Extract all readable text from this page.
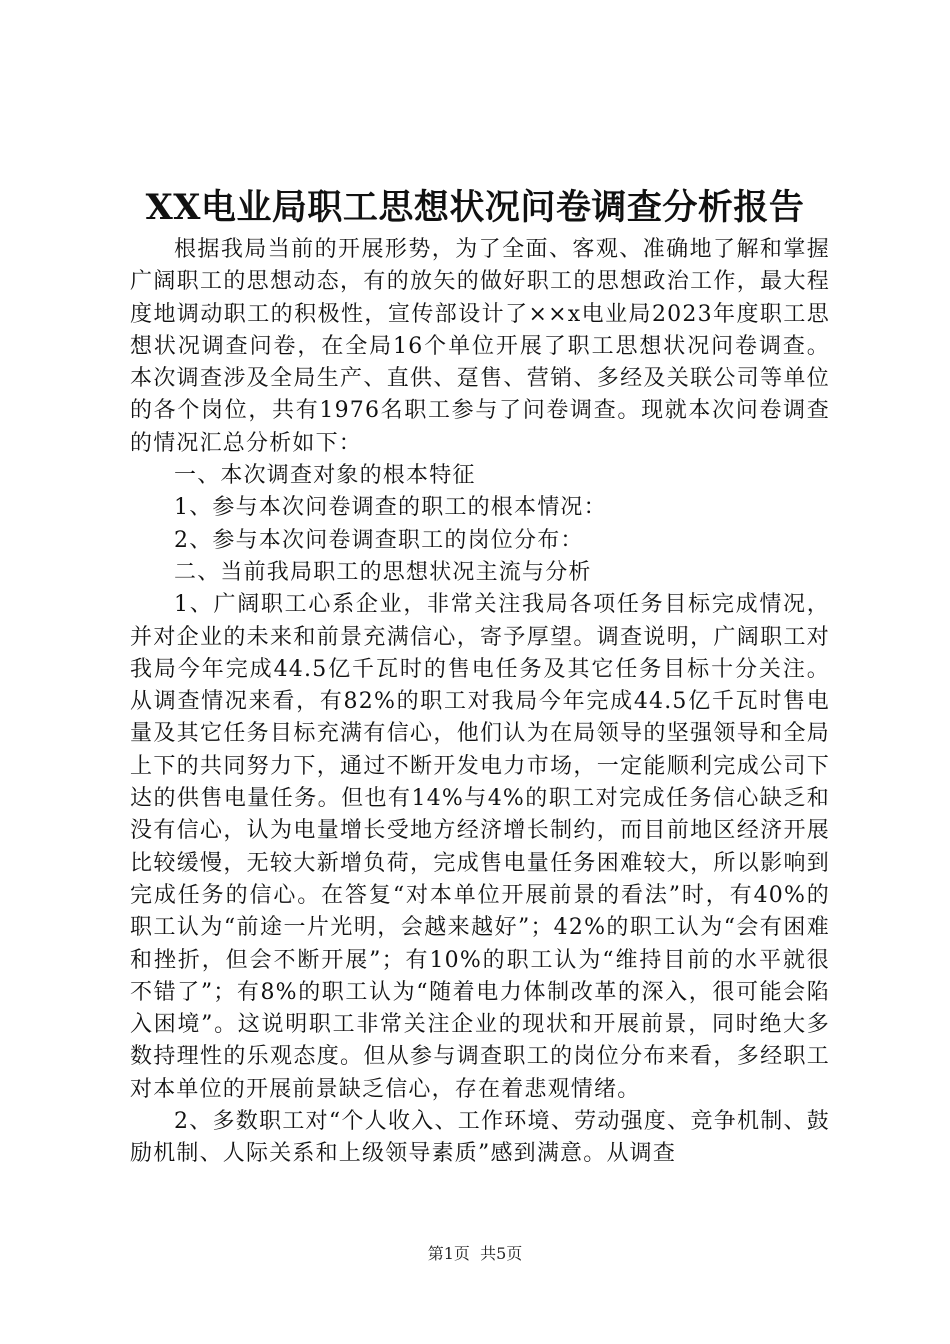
XX电业局职工思想状况问卷调查分析报告

根据我局当前的开展形势，为了全面、客观、准确地了解和掌握广阔职工的思想动态，有的放矢的做好职工的思想政治工作，最大程度地调动职工的积极性，宣传部设计了××x电业局2023年度职工思想状况调查问卷，在全局16个单位开展了职工思想状况问卷调查。本次调查涉及全局生产、直供、趸售、营销、多经及关联公司等单位的各个岗位，共有1976名职工参与了问卷调查。现就本次问卷调查的情况汇总分析如下：

一、本次调查对象的根本特征

1、参与本次问卷调查的职工的根本情况：

2、参与本次问卷调查职工的岗位分布：

二、当前我局职工的思想状况主流与分析

1、广阔职工心系企业，非常关注我局各项任务目标完成情况，并对企业的未来和前景充满信心，寄予厚望。调查说明，广阔职工对我局今年完成44.5亿千瓦时的售电任务及其它任务目标十分关注。从调查情况来看，有82%的职工对我局今年完成44.5亿千瓦时售电量及其它任务目标充满有信心，他们认为在局领导的坚强领导和全局上下的共同努力下，通过不断开发电力市场，一定能顺利完成公司下达的供售电量任务。但也有14%与4%的职工对完成任务信心缺乏和没有信心，认为电量增长受地方经济增长制约，而目前地区经济开展比较缓慢，无较大新增负荷，完成售电量任务困难较大，所以影响到完成任务的信心。在答复“对本单位开展前景的看法”时，有40%的职工认为“前途一片光明，会越来越好”；42%的职工认为“会有困难和挫折，但会不断开展”；有10%的职工认为“维持目前的水平就很不错了”；有8%的职工认为“随着电力体制改革的深入，很可能会陷入困境”。这说明职工非常关注企业的现状和开展前景，同时绝大多数持理性的乐观态度。但从参与调查职工的岗位分布来看，多经职工对本单位的开展前景缺乏信心，存在着悲观情绪。

2、多数职工对“个人收入、工作环境、劳动强度、竞争机制、鼓励机制、人际关系和上级领导素质”感到满意。从调查

第1页 共5页
